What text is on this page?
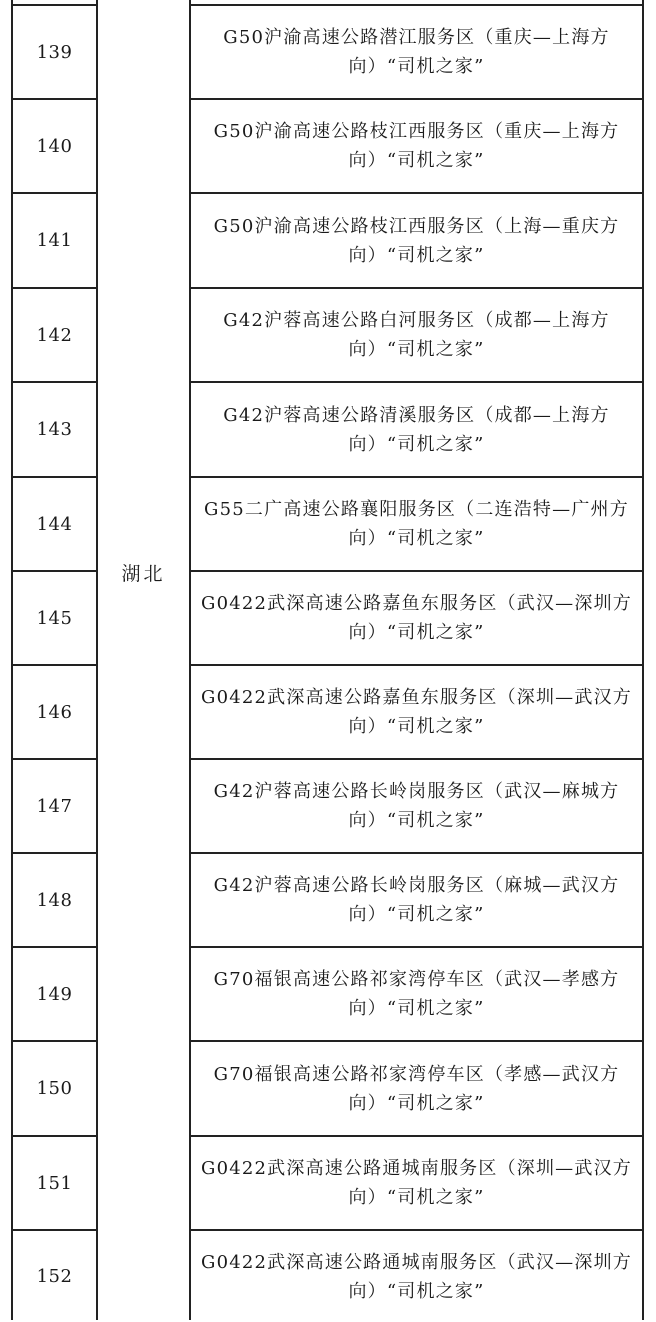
湖北
139
G50沪渝高速公路潜江服务区（重庆—上海方向）“司机之家”
140
G50沪渝高速公路枝江西服务区（重庆—上海方向）“司机之家”
141
G50沪渝高速公路枝江西服务区（上海—重庆方向）“司机之家”
142
G42沪蓉高速公路白河服务区（成都—上海方向）“司机之家”
143
G42沪蓉高速公路清溪服务区（成都—上海方向）“司机之家”
144
G55二广高速公路襄阳服务区（二连浩特—广州方向）“司机之家”
145
G0422武深高速公路嘉鱼东服务区（武汉—深圳方向）“司机之家”
146
G0422武深高速公路嘉鱼东服务区（深圳—武汉方向）“司机之家”
147
G42沪蓉高速公路长岭岗服务区（武汉—麻城方向）“司机之家”
148
G42沪蓉高速公路长岭岗服务区（麻城—武汉方向）“司机之家”
149
G70福银高速公路祁家湾停车区（武汉—孝感方向）“司机之家”
150
G70福银高速公路祁家湾停车区（孝感—武汉方向）“司机之家”
151
G0422武深高速公路通城南服务区（深圳—武汉方向）“司机之家”
152
G0422武深高速公路通城南服务区（武汉—深圳方向）“司机之家”
